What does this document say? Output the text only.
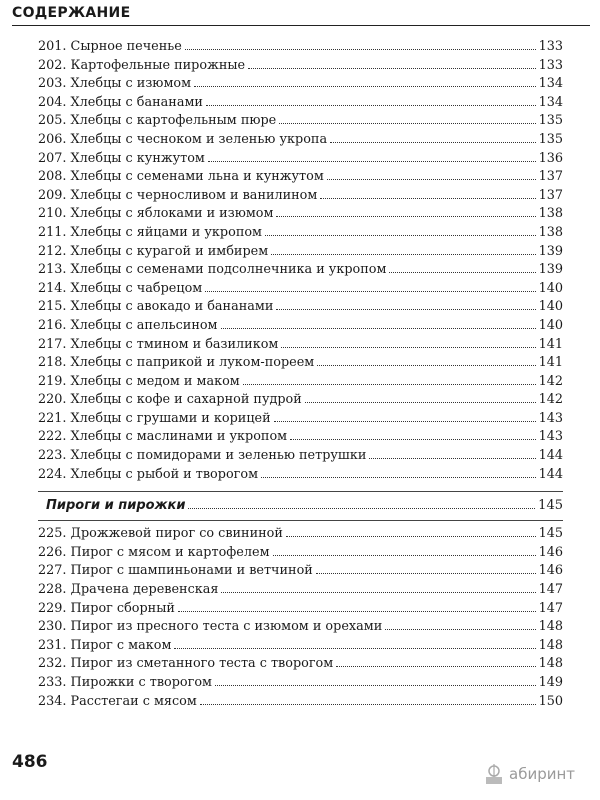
СОДЕРЖАНИЕ
201. Сырное печенье	133
202. Картофельные пирожные	133
203. Хлебцы с изюмом	134
204. Хлебцы с бананами	134
205. Хлебцы с картофельным пюре	135
206. Хлебцы с чесноком и зеленью укропа	135
207. Хлебцы с кунжутом	136
208. Хлебцы с семенами льна и кунжутом	137
209. Хлебцы с черносливом и ванилином	137
210. Хлебцы с яблоками и изюмом	138
211. Хлебцы с яйцами и укропом	138
212. Хлебцы с курагой и имбирем	139
213. Хлебцы с семенами подсолнечника и укропом	139
214. Хлебцы с чабрецом	140
215. Хлебцы с авокадо и бананами	140
216. Хлебцы с апельсином	140
217. Хлебцы с тмином и базиликом	141
218. Хлебцы с паприкой и луком-пореем	141
219. Хлебцы с медом и маком	142
220. Хлебцы с кофе и сахарной пудрой	142
221. Хлебцы с грушами и корицей	143
222. Хлебцы с маслинами и укропом	143
223. Хлебцы с помидорами и зеленью петрушки	144
224. Хлебцы с рыбой и творогом	144
Пироги и пирожки	145
225. Дрожжевой пирог со свининой	145
226. Пирог с мясом и картофелем	146
227. Пирог с шампиньонами и ветчиной	146
228. Драчена деревенская	147
229. Пирог сборный	147
230. Пирог из пресного теста с изюмом и орехами	148
231. Пирог с маком	148
232. Пирог из сметанного теста с творогом	148
233. Пирожки с творогом	149
234. Расстегаи с мясом	150
486
абиринт
